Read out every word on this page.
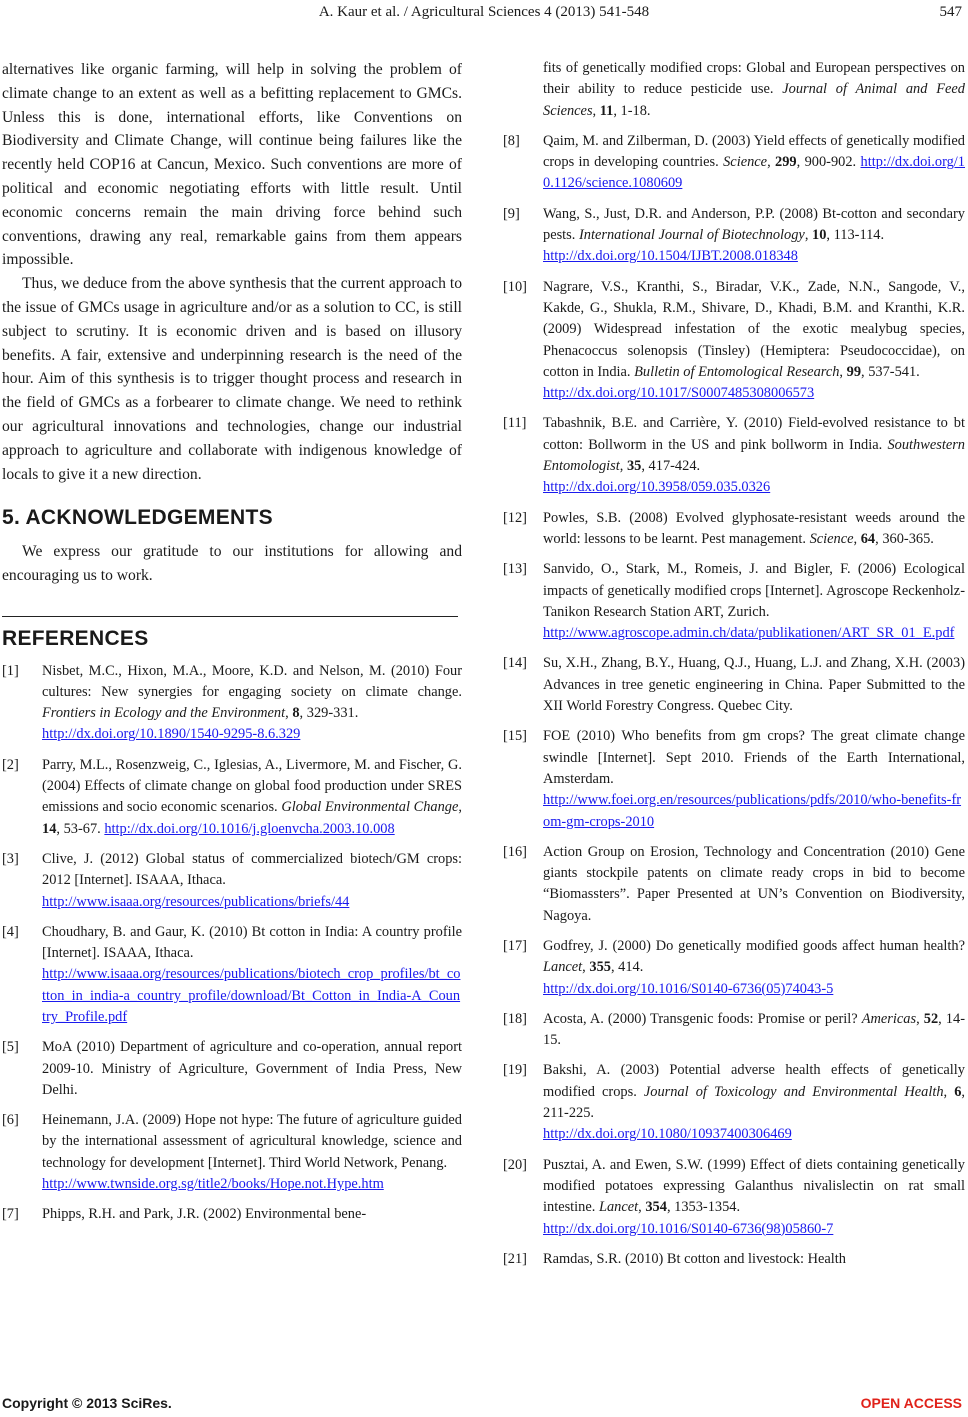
A. Kaur et al. / Agricultural Sciences 4 (2013) 541-548	547

alternatives like organic farming, will help in solving the problem of climate change to an extent as well as a befitting replacement to GMCs. Unless this is done, international efforts, like Conventions on Biodiversity and Climate Change, will continue being failures like the recently held COP16 at Cancun, Mexico. Such conventions are more of political and economic negotiating efforts with little result. Until economic concerns remain the main driving force behind such conventions, drawing any real, remarkable gains from them appears impossible.

Thus, we deduce from the above synthesis that the current approach to the issue of GMCs usage in agriculture and/or as a solution to CC, is still subject to scrutiny. It is economic driven and is based on illusory benefits. A fair, extensive and underpinning research is the need of the hour. Aim of this synthesis is to trigger thought process and research in the field of GMCs as a forbearer to climate change. We need to rethink our agricultural innovations and technologies, change our industrial approach to agriculture and collaborate with indigenous knowledge of locals to give it a new direction.

5. ACKNOWLEDGEMENTS

We express our gratitude to our institutions for allowing and encouraging us to work.

REFERENCES
[1] Nisbet, M.C., Hixon, M.A., Moore, K.D. and Nelson, M. (2010) Four cultures: New synergies for engaging society on climate change. Frontiers in Ecology and the Environment, 8, 329-331.
http://dx.doi.org/10.1890/1540-9295-8.6.329
[2] Parry, M.L., Rosenzweig, C., Iglesias, A., Livermore, M. and Fischer, G. (2004) Effects of climate change on global food production under SRES emissions and socio economic scenarios. Global Environmental Change, 14, 53-67. http://dx.doi.org/10.1016/j.gloenvcha.2003.10.008
[3] Clive, J. (2012) Global status of commercialized biotech/GM crops: 2012 [Internet]. ISAAA, Ithaca.
http://www.isaaa.org/resources/publications/briefs/44
[4] Choudhary, B. and Gaur, K. (2010) Bt cotton in India: A country profile [Internet]. ISAAA, Ithaca.
http://www.isaaa.org/resources/publications/biotech_crop_profiles/bt_cotton_in_india-a_country_profile/download/Bt_Cotton_in_India-A_Country_Profile.pdf
[5] MoA (2010) Department of agriculture and co-operation, annual report 2009-10. Ministry of Agriculture, Government of India Press, New Delhi.
[6] Heinemann, J.A. (2009) Hope not hype: The future of agriculture guided by the international assessment of agricultural knowledge, science and technology for development [Internet]. Third World Network, Penang.
http://www.twnside.org.sg/title2/books/Hope.not.Hype.htm
[7] Phipps, R.H. and Park, J.R. (2002) Environmental bene-
fits of genetically modified crops: Global and European perspectives on their ability to reduce pesticide use. Journal of Animal and Feed Sciences, 11, 1-18.
[8] Qaim, M. and Zilberman, D. (2003) Yield effects of genetically modified crops in developing countries. Science, 299, 900-902. http://dx.doi.org/10.1126/science.1080609
[9] Wang, S., Just, D.R. and Anderson, P.P. (2008) Bt-cotton and secondary pests. International Journal of Biotechnology, 10, 113-114.
http://dx.doi.org/10.1504/IJBT.2008.018348
[10] Nagrare, V.S., Kranthi, S., Biradar, V.K., Zade, N.N., Sangode, V., Kakde, G., Shukla, R.M., Shivare, D., Khadi, B.M. and Kranthi, K.R. (2009) Widespread infestation of the exotic mealybug species, Phenacoccus solenopsis (Tinsley) (Hemiptera: Pseudococcidae), on cotton in India. Bulletin of Entomological Research, 99, 537-541.
http://dx.doi.org/10.1017/S0007485308006573
[11] Tabashnik, B.E. and Carrière, Y. (2010) Field-evolved resistance to bt cotton: Bollworm in the US and pink bollworm in India. Southwestern Entomologist, 35, 417-424.
http://dx.doi.org/10.3958/059.035.0326
[12] Powles, S.B. (2008) Evolved glyphosate-resistant weeds around the world: lessons to be learnt. Pest management. Science, 64, 360-365.
[13] Sanvido, O., Stark, M., Romeis, J. and Bigler, F. (2006) Ecological impacts of genetically modified crops [Internet]. Agroscope Reckenholz-Tanikon Research Station ART, Zurich.
http://www.agroscope.admin.ch/data/publikationen/ART_SR_01_E.pdf
[14] Su, X.H., Zhang, B.Y., Huang, Q.J., Huang, L.J. and Zhang, X.H. (2003) Advances in tree genetic engineering in China. Paper Submitted to the XII World Forestry Congress. Quebec City.
[15] FOE (2010) Who benefits from gm crops? The great climate change swindle [Internet]. Sept 2010. Friends of the Earth International, Amsterdam.
http://www.foei.org.en/resources/publications/pdfs/2010/who-benefits-from-gm-crops-2010
[16] Action Group on Erosion, Technology and Concentration (2010) Gene giants stockpile patents on climate ready crops in bid to become “Biomassters”. Paper Presented at UN’s Convention on Biodiversity, Nagoya.
[17] Godfrey, J. (2000) Do genetically modified goods affect human health? Lancet, 355, 414.
http://dx.doi.org/10.1016/S0140-6736(05)74043-5
[18] Acosta, A. (2000) Transgenic foods: Promise or peril? Americas, 52, 14-15.
[19] Bakshi, A. (2003) Potential adverse health effects of genetically modified crops. Journal of Toxicology and Environmental Health, 6, 211-225.
http://dx.doi.org/10.1080/10937400306469
[20] Pusztai, A. and Ewen, S.W. (1999) Effect of diets containing genetically modified potatoes expressing Galanthus nivalislectin on rat small intestine. Lancet, 354, 1353-1354.
http://dx.doi.org/10.1016/S0140-6736(98)05860-7
[21] Ramdas, S.R. (2010) Bt cotton and livestock: Health
Copyright © 2013 SciRes.	OPEN ACCESS
